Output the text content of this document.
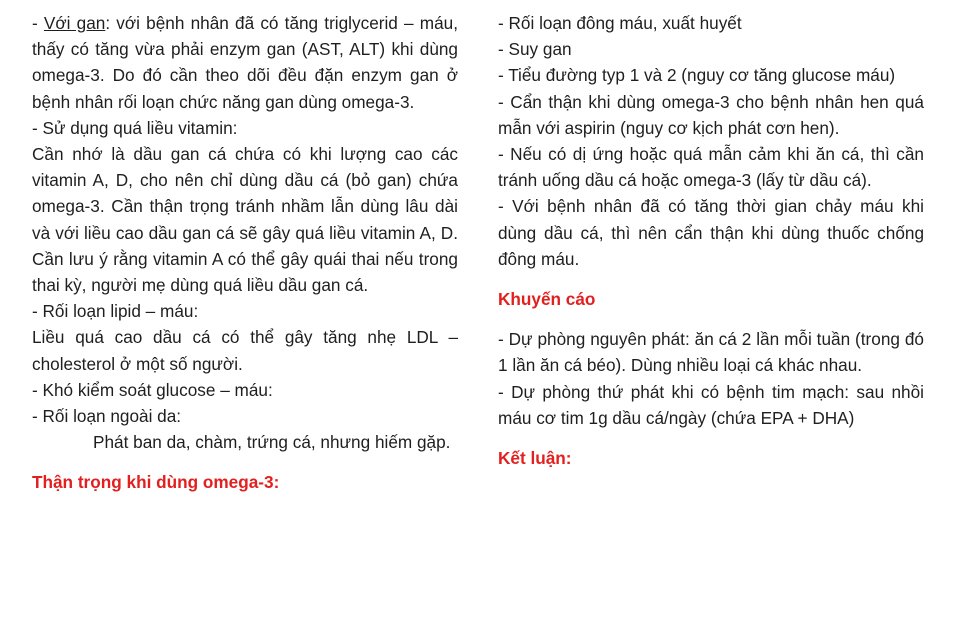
- Với gan: với bệnh nhân đã có tăng triglycerid – máu, thấy có tăng vừa phải enzym gan (AST, ALT) khi dùng omega-3. Do đó cần theo dõi đều đặn enzym gan ở bệnh nhân rối loạn chức năng gan dùng omega-3.

- Sử dụng quá liều vitamin:

Cần nhớ là dầu gan cá chứa có khi lượng cao các vitamin A, D, cho nên chỉ dùng dầu cá (bỏ gan) chứa omega-3. Cần thận trọng tránh nhầm lẫn dùng lâu dài và với liều cao dầu gan cá sẽ gây quá liều vitamin A, D. Cần lưu ý rằng vitamin A có thể gây quái thai nếu trong thai kỳ, người mẹ dùng quá liều dầu gan cá.

- Rối loạn lipid – máu:

Liều quá cao dầu cá có thể gây tăng nhẹ LDL – cholesterol ở một số người.

- Khó kiểm soát glucose – máu:

- Rối loạn ngoài da:

Phát ban da, chàm, trứng cá, nhưng hiếm gặp.

Thận trọng khi dùng omega-3:

- Rối loạn đông máu, xuất huyết

- Suy gan

- Tiểu đường typ 1 và 2 (nguy cơ tăng glucose máu)

- Cẩn thận khi dùng omega-3 cho bệnh nhân hen quá mẫn với aspirin (nguy cơ kịch phát cơn hen).

- Nếu có dị ứng hoặc quá mẫn cảm khi ăn cá, thì cần tránh uống dầu cá hoặc omega-3 (lấy từ dầu cá).

- Với bệnh nhân đã có tăng thời gian chảy máu khi dùng dầu cá, thì nên cẩn thận khi dùng thuốc chống đông máu.

Khuyến cáo

- Dự phòng nguyên phát: ăn cá 2 lần mỗi tuần (trong đó 1 lần ăn cá béo). Dùng nhiều loại cá khác nhau.

- Dự phòng thứ phát khi có bệnh tim mạch: sau nhồi máu cơ tim 1g dầu cá/ngày (chứa EPA + DHA)

Kết luận:
